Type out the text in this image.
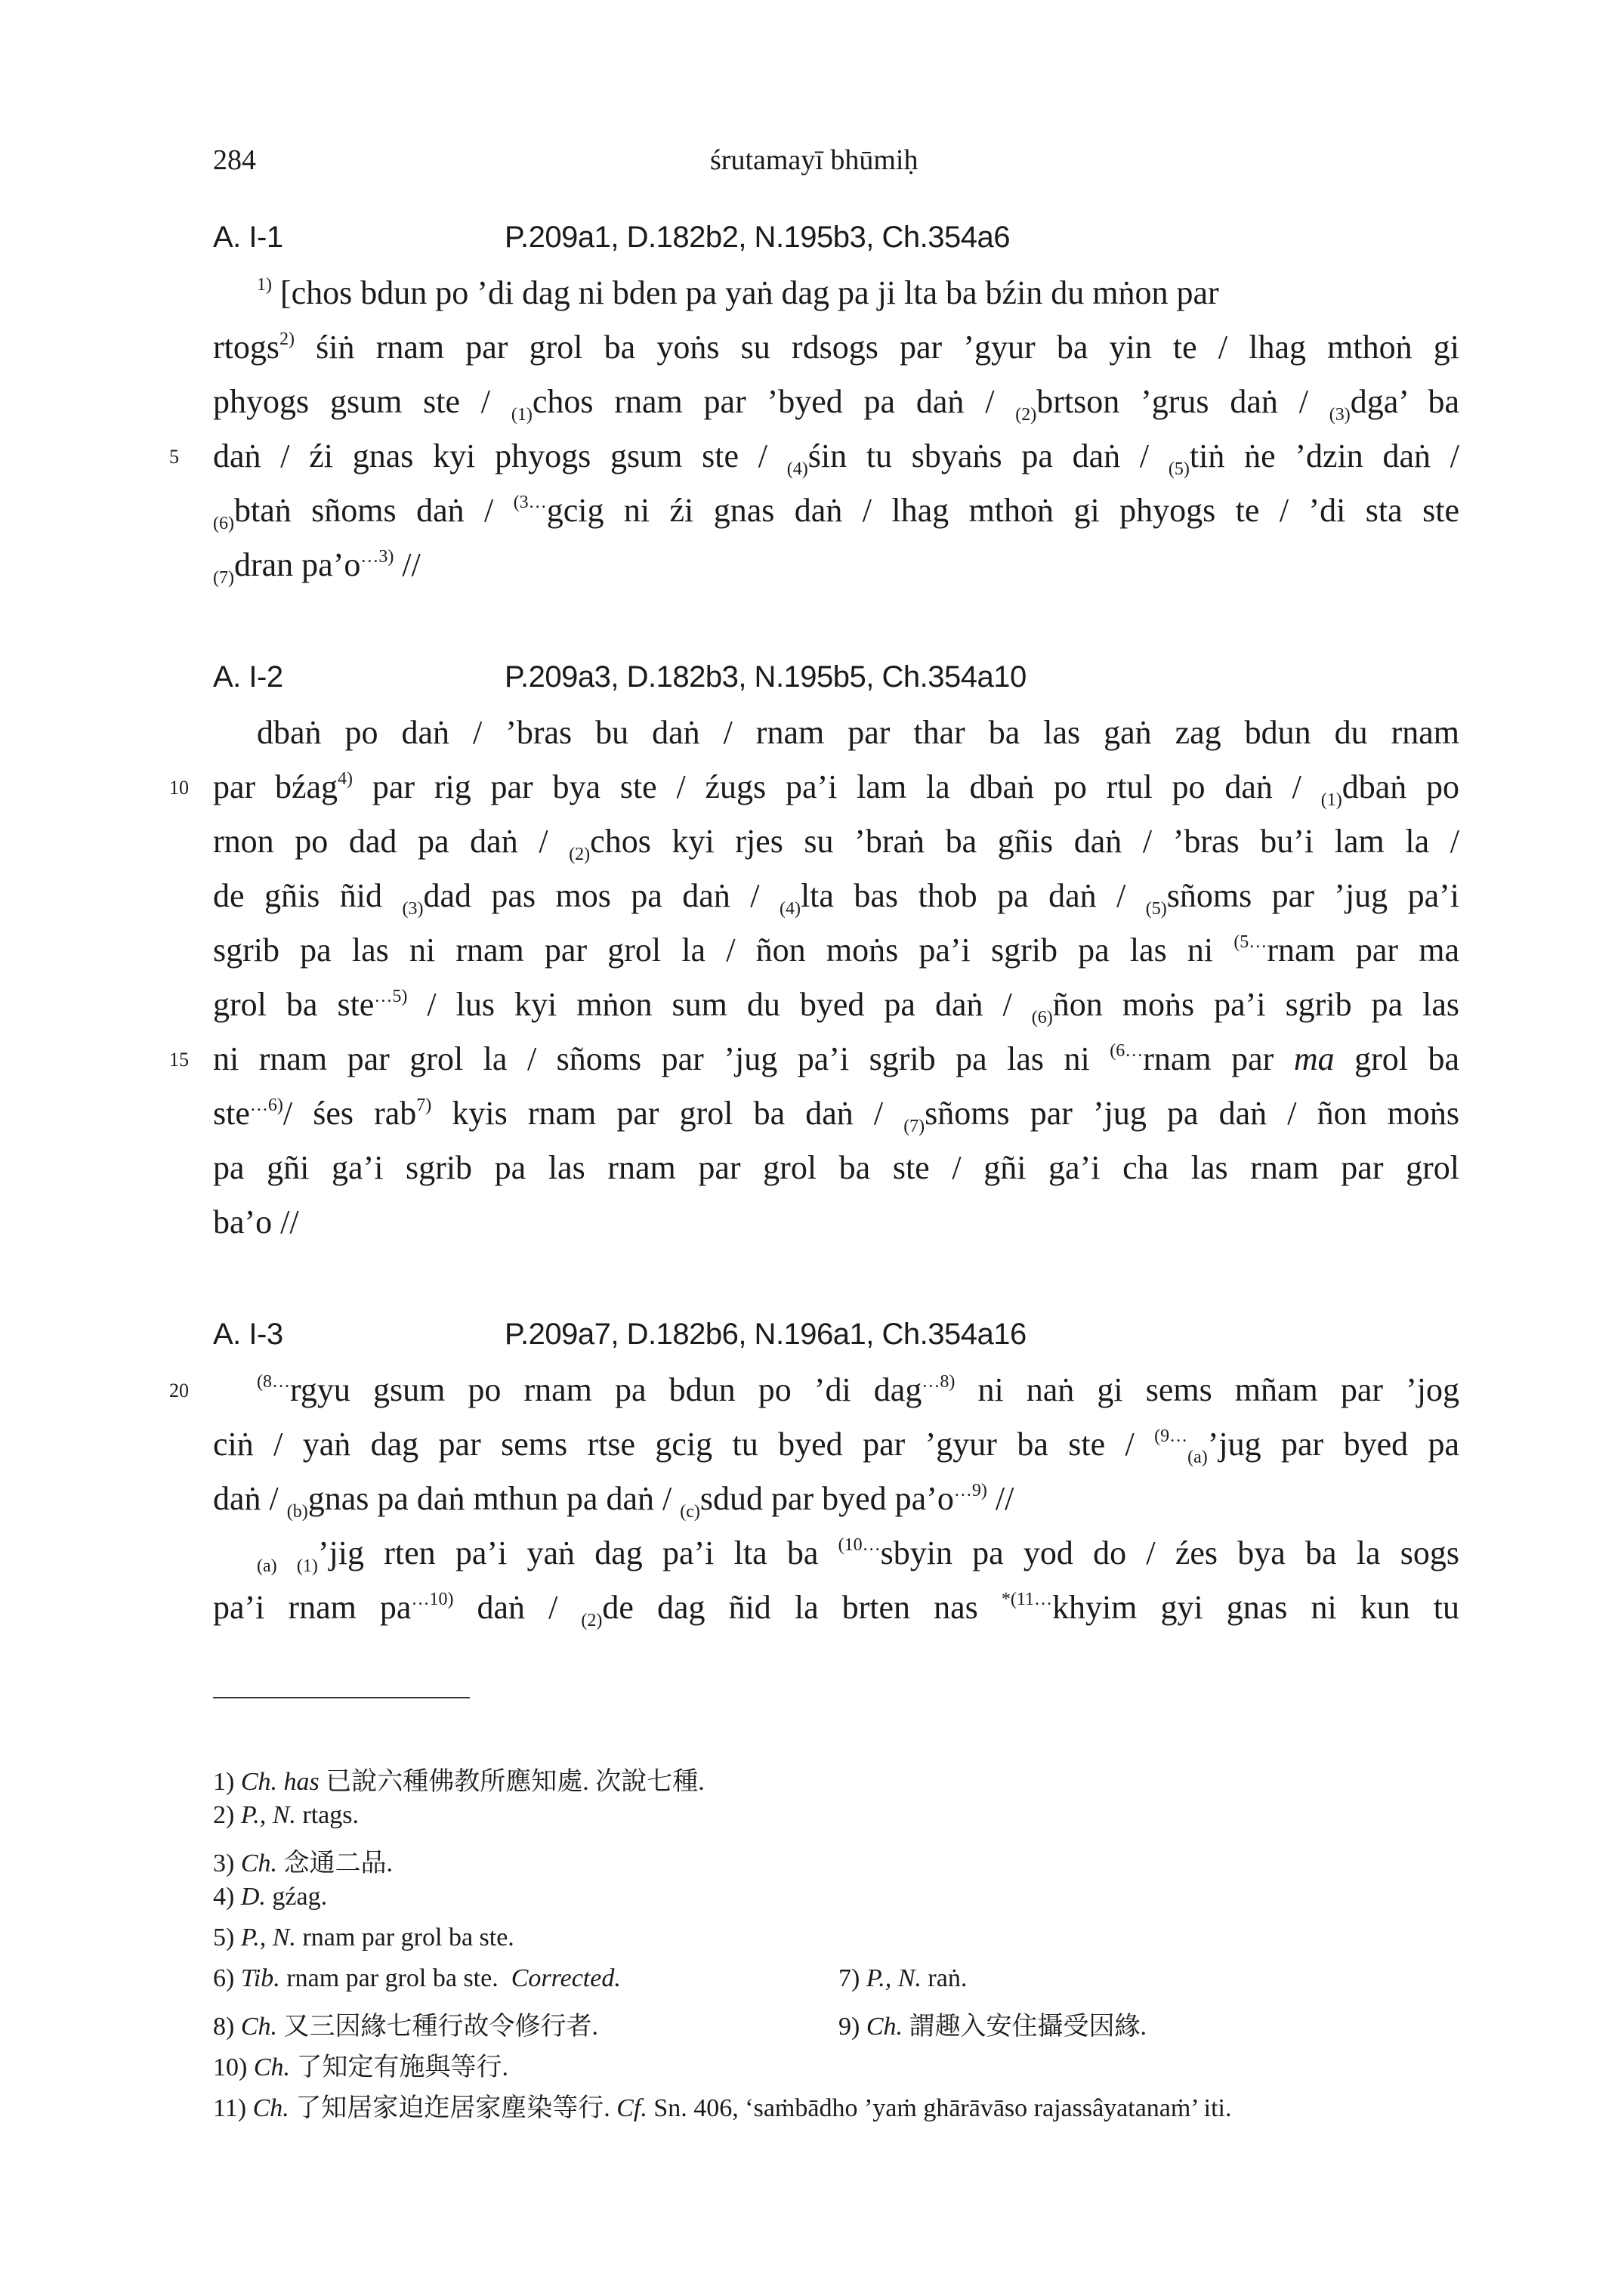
284	śrutamayī bhūmiḥ
A. I-1	P.209a1, D.182b2, N.195b3, Ch.354a6
$^{1)}$ [chos bdun po ’di dag ni bden pa yaṅ dag pa ji lta ba bźin du mṅon par
rtogs$^{2)}$ śiṅ rnam par grol ba yoṅs su rdsogs par ’gyur ba yin te / lhag mthoṅ gi
phyogs gsum ste / $_{(1)}$chos rnam par ’byed pa daṅ / $_{(2)}$brtson ’grus daṅ / $_{(3)}$dga’ ba
5 daṅ / źi gnas kyi phyogs gsum ste / $_{(4)}$śin tu sbyaṅs pa daṅ / $_{(5)}$tiṅ ṅe ’dzin daṅ /
$_{(6)}$btaṅ sñoms daṅ / $^{(3\dots}$gcig ni źi gnas daṅ / lhag mthoṅ gi phyogs te / ’di sta ste
$_{(7)}$dran $pa’o^{\dots 3)}$ //
A. I-2	P.209a3, D.182b3, N.195b5, Ch.354a10
dbaṅ po daṅ / ’bras bu daṅ / rnam par thar ba las gaṅ zag bdun du rnam
10 par bźag$^{4)}$ par rig par bya ste / źugs pa’i lam la dbaṅ po rtul po daṅ / $_{(1)}$dbaṅ po
rnon po dad pa daṅ / $_{(2)}$chos kyi rjes su ’braṅ ba gñis daṅ / ’bras bu’i lam la /
de gñis ñid $_{(3)}$dad pas mos pa daṅ / $_{(4)}$lta bas thob pa daṅ / $_{(5)}$sñoms par ’jug pa’i
sgrib pa las ni rnam par grol la / ñon moṅs pa’i sgrib pa las ni $^{(5\dots}$rnam par ma
grol ba ste$^{\dots 5)}$ / lus kyi mṅon sum du byed pa daṅ / $_{(6)}$ñon moṅs pa’i sgrib pa las
15 ni rnam par grol la / sñoms par ’jug pa’i sgrib pa las ni $^{(6\dots}$rnam par ma grol ba
ste$^{\dots 6)}$/ śes rab$^{7)}$ kyis rnam par grol ba daṅ / $_{(7)}$sñoms par ’jug pa daṅ / ñon moṅs
pa gñi ga’i sgrib pa las rnam par grol ba ste / gñi ga’i cha las rnam par grol
ba’o //
A. I-3	P.209a7, D.182b6, N.196a1, Ch.354a16
20	$^{(8\dots}$rgyu gsum po rnam pa bdun po ’di dag$^{\dots 8)}$ ni naṅ gi sems mñam par ’jog
ciṅ / yaṅ dag par sems rtse gcig tu byed par ’gyur ba ste / $^{(9\dots}_{(a)}$’jug par byed pa
daṅ / $_{(b)}$gnas pa daṅ mthun pa daṅ / $_{(c)}$sdud par byed $pa’o^{\dots 9)}$ //
$_{(a)}$ $_{(1)}$’jig rten pa’i yaṅ dag pa’i lta ba $^{(10\dots}$sbyin pa yod do / źes bya ba la sogs
pa’i rnam $pa^{\dots 10)}$ daṅ / $_{(2)}$de dag ñid la brten nas $^{*(11\dots}$khyim gyi gnas ni kun tu
1) Ch. has 已說六種佛教所應知處. 次說七種.
2) P., N. rtags.
3) Ch. 念通二品.
4) D. gźag.
5) P., N. rnam par grol ba ste.
6) Tib. rnam par grol ba ste. Corrected.	7) P., N. raṅ.
8) Ch. 又三因緣七種行故令修行者.	9) Ch. 謂趣入安住攝受因緣.
10) Ch. 了知定有施與等行.
11) Ch. 了知居家迫迮居家塵染等行. Cf. Sn. 406, ‘saṁbādho ’yaṁ ghārāvāso rajassâyatanaṁ’ iti.
